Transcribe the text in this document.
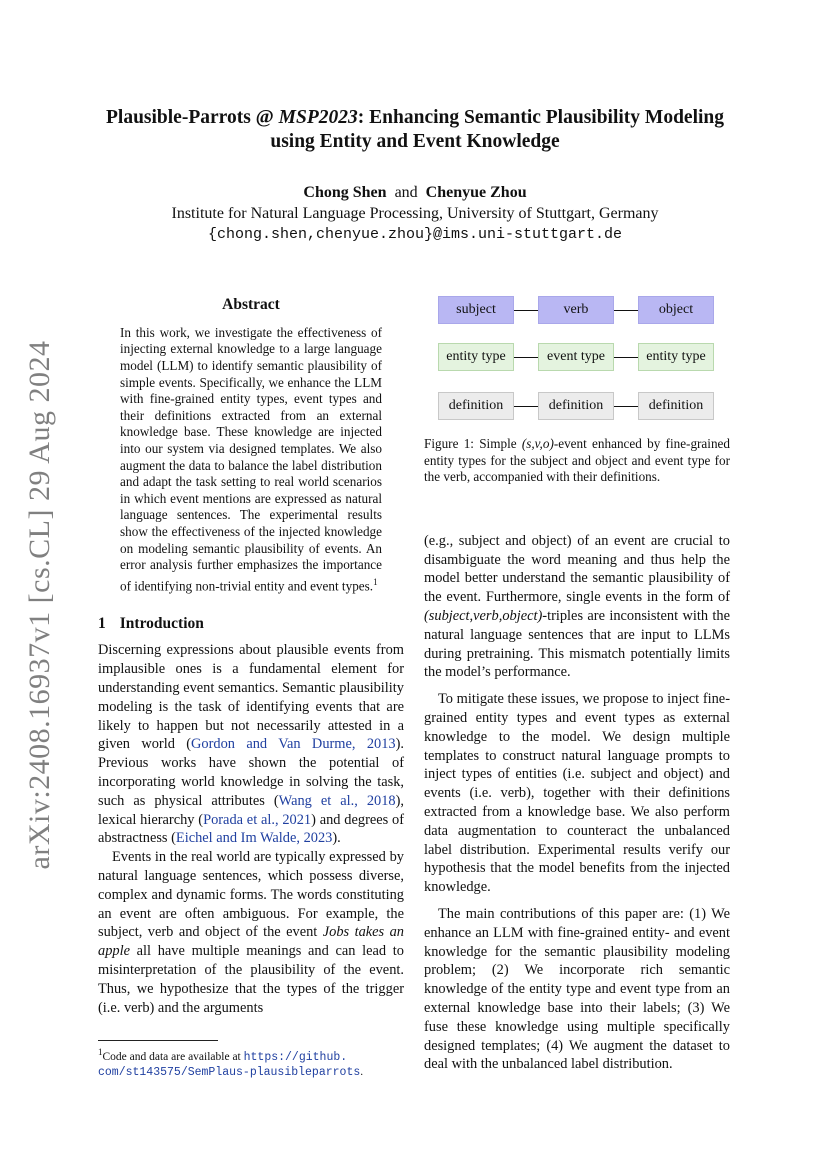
arXiv:2408.16937v1 [cs.CL] 29 Aug 2024
Plausible-Parrots @ MSP2023: Enhancing Semantic Plausibility Modeling using Entity and Event Knowledge
Chong Shen and Chenyue Zhou
Institute for Natural Language Processing, University of Stuttgart, Germany
{chong.shen,chenyue.zhou}@ims.uni-stuttgart.de
Abstract
In this work, we investigate the effectiveness of injecting external knowledge to a large language model (LLM) to identify semantic plausibility of simple events. Specifically, we enhance the LLM with fine-grained entity types, event types and their definitions extracted from an external knowledge base. These knowledge are injected into our system via designed templates. We also augment the data to balance the label distribution and adapt the task setting to real world scenarios in which event mentions are expressed as natural language sentences. The experimental results show the effectiveness of the injected knowledge on modeling semantic plausibility of events. An error analysis further emphasizes the importance of identifying non-trivial entity and event types.$^1$
1 Introduction

Discerning expressions about plausible events from implausible ones is a fundamental element for understanding event semantics. Semantic plausibility modeling is the task of identifying events that are likely to happen but not necessarily attested in a given world (Gordon and Van Durme, 2013). Previous works have shown the potential of incorporating world knowledge in solving the task, such as physical attributes (Wang et al., 2018), lexical hierarchy (Porada et al., 2021) and degrees of abstractness (Eichel and Im Walde, 2023).

Events in the real world are typically expressed by natural language sentences, which possess diverse, complex and dynamic forms. The words constituting an event are often ambiguous. For example, the subject, verb and object of the event Jobs takes an apple all have multiple meanings and can lead to misinterpretation of the plausibility of the event. Thus, we hypothesize that the types of the trigger (i.e. verb) and the arguments

$^1$Code and data are available at https://github. com/st143575/SemPlaus-plausibleparrots.
subject	verb	object
entity type	event type	entity type
definition	definition	definition
Figure 1: Simple (s,v,o)-event enhanced by fine-grained entity types for the subject and object and event type for the verb, accompanied with their definitions.

(e.g., subject and object) of an event are crucial to disambiguate the word meaning and thus help the model better understand the semantic plausibility of the event. Furthermore, single events in the form of (subject,verb,object)-triples are inconsistent with the natural language sentences that are input to LLMs during pretraining. This mismatch potentially limits the model’s performance.

To mitigate these issues, we propose to inject fine-grained entity types and event types as external knowledge to the model. We design multiple templates to construct natural language prompts to inject types of entities (i.e. subject and object) and events (i.e. verb), together with their definitions extracted from a knowledge base. We also perform data augmentation to counteract the unbalanced label distribution. Experimental results verify our hypothesis that the model benefits from the injected knowledge.

The main contributions of this paper are: (1) We enhance an LLM with fine-grained entity- and event knowledge for the semantic plausibility modeling problem; (2) We incorporate rich semantic knowledge of the entity type and event type from an external knowledge base into their labels; (3) We fuse these knowledge using multiple specifically designed templates; (4) We augment the dataset to deal with the unbalanced label distribution.
